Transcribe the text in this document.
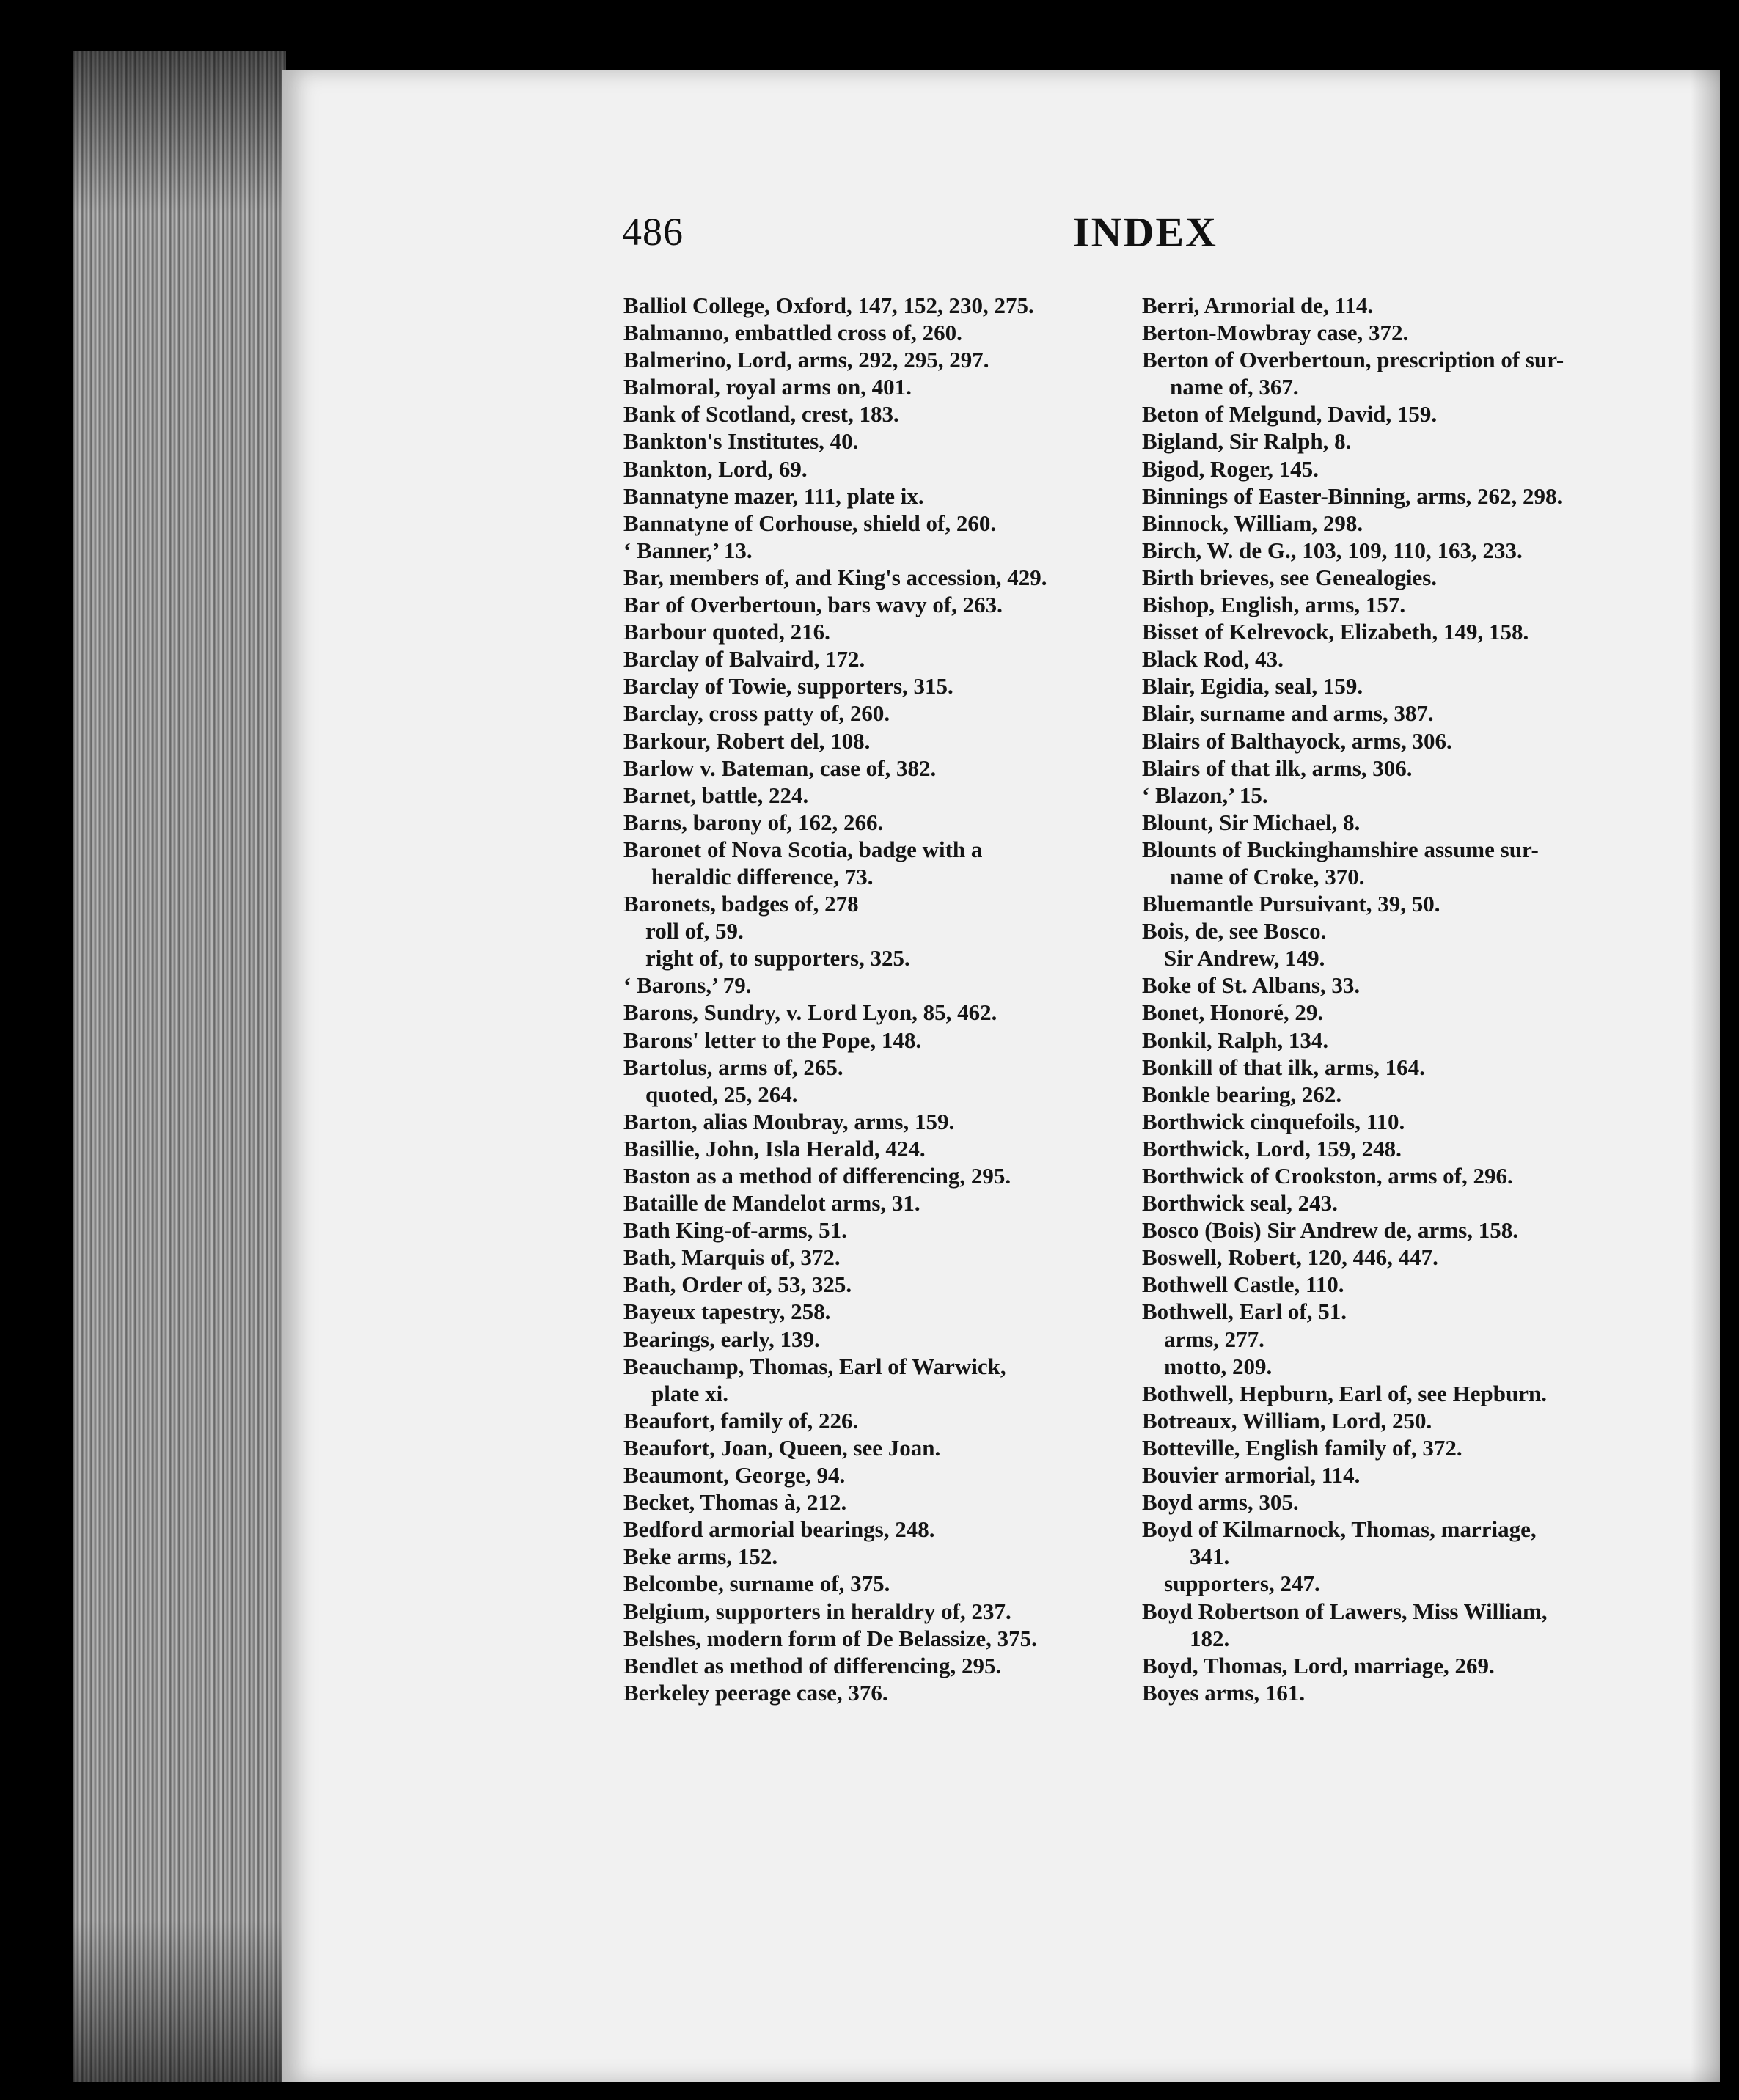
486	INDEX
Balliol College, Oxford, 147, 152, 230, 275.
Balmanno, embattled cross of, 260.
Balmerino, Lord, arms, 292, 295, 297.
Balmoral, royal arms on, 401.
Bank of Scotland, crest, 183.
Bankton's Institutes, 40.
Bankton, Lord, 69.
Bannatyne mazer, 111, plate ix.
Bannatyne of Corhouse, shield of, 260.
‘ Banner,’ 13.
Bar, members of, and King's accession, 429.
Bar of Overbertoun, bars wavy of, 263.
Barbour quoted, 216.
Barclay of Balvaird, 172.
Barclay of Towie, supporters, 315.
Barclay, cross patty of, 260.
Barkour, Robert del, 108.
Barlow v. Bateman, case of, 382.
Barnet, battle, 224.
Barns, barony of, 162, 266.
Baronet of Nova Scotia, badge with a
heraldic difference, 73.
Baronets, badges of, 278
roll of, 59.
right of, to supporters, 325.
‘ Barons,’ 79.
Barons, Sundry, v. Lord Lyon, 85, 462.
Barons' letter to the Pope, 148.
Bartolus, arms of, 265.
quoted, 25, 264.
Barton, alias Moubray, arms, 159.
Basillie, John, Isla Herald, 424.
Baston as a method of differencing, 295.
Bataille de Mandelot arms, 31.
Bath King-of-arms, 51.
Bath, Marquis of, 372.
Bath, Order of, 53, 325.
Bayeux tapestry, 258.
Bearings, early, 139.
Beauchamp, Thomas, Earl of Warwick,
plate xi.
Beaufort, family of, 226.
Beaufort, Joan, Queen, see Joan.
Beaumont, George, 94.
Becket, Thomas à, 212.
Bedford armorial bearings, 248.
Beke arms, 152.
Belcombe, surname of, 375.
Belgium, supporters in heraldry of, 237.
Belshes, modern form of De Belassize, 375.
Bendlet as method of differencing, 295.
Berkeley peerage case, 376.
Berri, Armorial de, 114.
Berton-Mowbray case, 372.
Berton of Overbertoun, prescription of sur-
name of, 367.
Beton of Melgund, David, 159.
Bigland, Sir Ralph, 8.
Bigod, Roger, 145.
Binnings of Easter-Binning, arms, 262, 298.
Binnock, William, 298.
Birch, W. de G., 103, 109, 110, 163, 233.
Birth brieves, see Genealogies.
Bishop, English, arms, 157.
Bisset of Kelrevock, Elizabeth, 149, 158.
Black Rod, 43.
Blair, Egidia, seal, 159.
Blair, surname and arms, 387.
Blairs of Balthayock, arms, 306.
Blairs of that ilk, arms, 306.
‘ Blazon,’ 15.
Blount, Sir Michael, 8.
Blounts of Buckinghamshire assume sur-
name of Croke, 370.
Bluemantle Pursuivant, 39, 50.
Bois, de, see Bosco.
Sir Andrew, 149.
Boke of St. Albans, 33.
Bonet, Honoré, 29.
Bonkil, Ralph, 134.
Bonkill of that ilk, arms, 164.
Bonkle bearing, 262.
Borthwick cinquefoils, 110.
Borthwick, Lord, 159, 248.
Borthwick of Crookston, arms of, 296.
Borthwick seal, 243.
Bosco (Bois) Sir Andrew de, arms, 158.
Boswell, Robert, 120, 446, 447.
Bothwell Castle, 110.
Bothwell, Earl of, 51.
arms, 277.
motto, 209.
Bothwell, Hepburn, Earl of, see Hepburn.
Botreaux, William, Lord, 250.
Botteville, English family of, 372.
Bouvier armorial, 114.
Boyd arms, 305.
Boyd of Kilmarnock, Thomas, marriage,
341.
supporters, 247.
Boyd Robertson of Lawers, Miss William,
182.
Boyd, Thomas, Lord, marriage, 269.
Boyes arms, 161.
